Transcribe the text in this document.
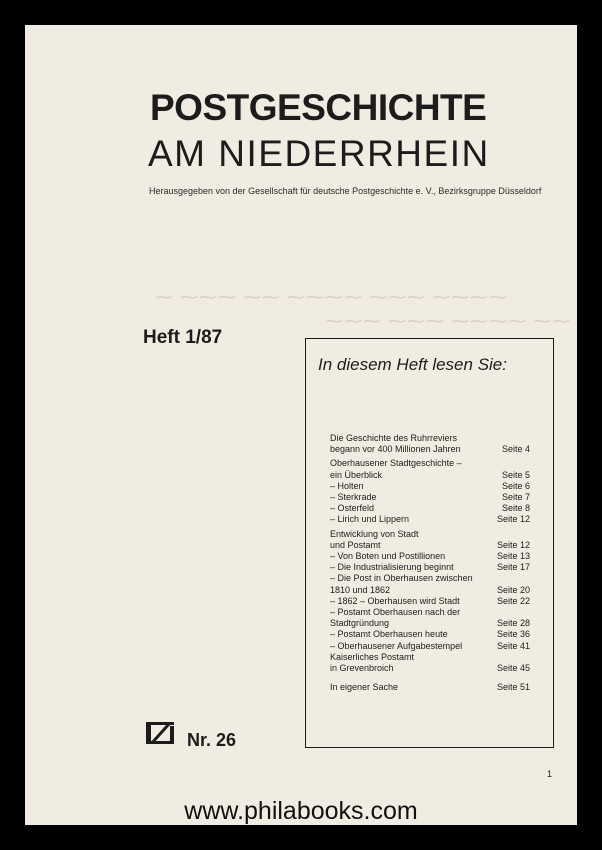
POSTGESCHICHTE
AM NIEDERRHEIN
Herausgegeben von der Gesellschaft für deutsche Postgeschichte e. V., Bezirksgruppe Düsseldorf
⁓ ⁓⁓⁓ ⁓⁓ ⁓⁓⁓⁓ ⁓⁓⁓ ⁓⁓⁓⁓
⁓⁓⁓ ⁓⁓⁓ ⁓⁓⁓⁓ ⁓⁓
Heft 1/87
In diesem Heft lesen Sie:
Die Geschichte des Ruhrreviers
begann vor 400 Millionen Jahren	Seite 4
Oberhausener Stadtgeschichte –
ein Überblick	Seite 5
– Holten	Seite 6
– Sterkrade	Seite 7
– Osterfeld	Seite 8
– Lirich und Lippern	Seite 12
Entwicklung von Stadt
und Postamt	Seite 12
– Von Boten und Postillionen	Seite 13
– Die Industrialisierung beginnt	Seite 17
– Die Post in Oberhausen zwischen
1810 und 1862	Seite 20
– 1862 – Oberhausen wird Stadt	Seite 22
– Postamt Oberhausen nach der
Stadtgründung	Seite 28
– Postamt Oberhausen heute	Seite 36
– Oberhausener Aufgabestempel	Seite 41
Kaiserliches Postamt
in Grevenbroich	Seite 45
In eigener Sache	Seite 51
Nr. 26
1
www.philabooks.com
